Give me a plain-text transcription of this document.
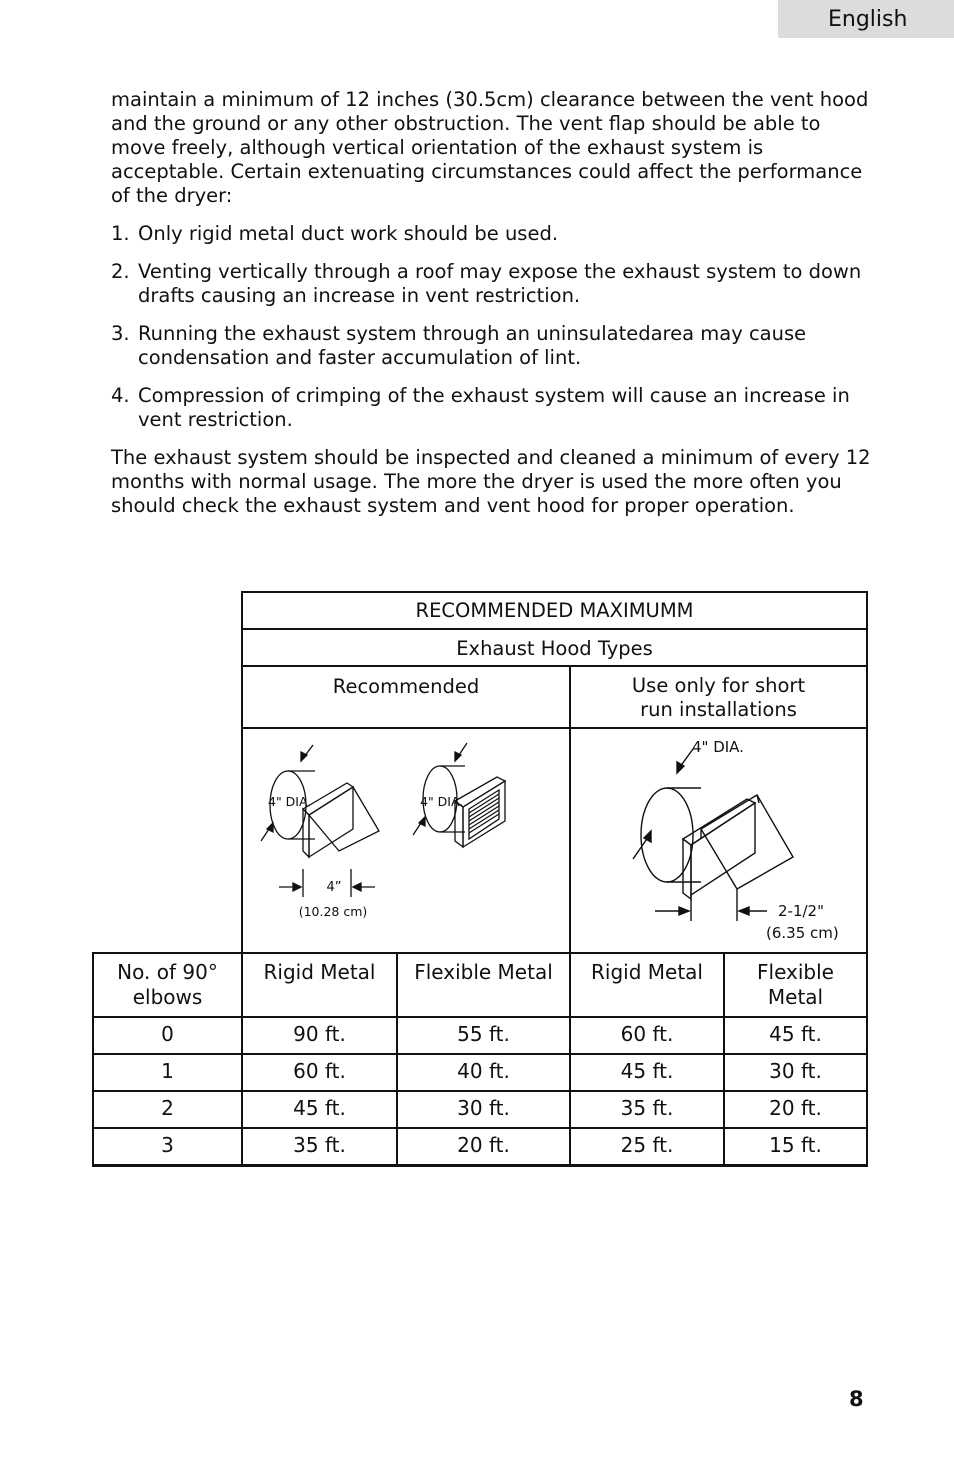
English

maintain a minimum of 12 inches (30.5cm) clearance between the vent hood and the ground or any other obstruction. The vent flap should be able to move freely, although vertical orientation of the exhaust system is acceptable. Certain extenuating circumstances could affect the performance of the dryer:

1. Only rigid metal duct work should be used.
2. Venting vertically through a roof may expose the exhaust system to down drafts causing an increase in vent restriction.
3. Running the exhaust system through an uninsulatedarea may cause condensation and faster accumulation of lint.
4. Compression of crimping of the exhaust system will cause an increase in vent restriction.

The exhaust system should be inspected and cleaned a minimum of every 12 months with normal usage. The more the dryer is used the more often you should check the exhaust system and vent hood for proper operation.

RECOMMENDED MAXIMUMM
Exhaust Hood Types
Recommended	Use only for short
run installations
4" DIA.	4" DIA.
4”
(10.28 cm)
4" DIA.
2-1/2"
(6.35 cm)
No. of 90°
elbows
Rigid Metal	Flexible Metal	Rigid Metal	Flexible
Metal
0	90 ft.	55 ft.	60 ft.	45 ft.
1	60 ft.	40 ft.	45 ft.	30 ft.
2	45 ft.	30 ft.	35 ft.	20 ft.
3	35 ft.	20 ft.	25 ft.	15 ft.
8
